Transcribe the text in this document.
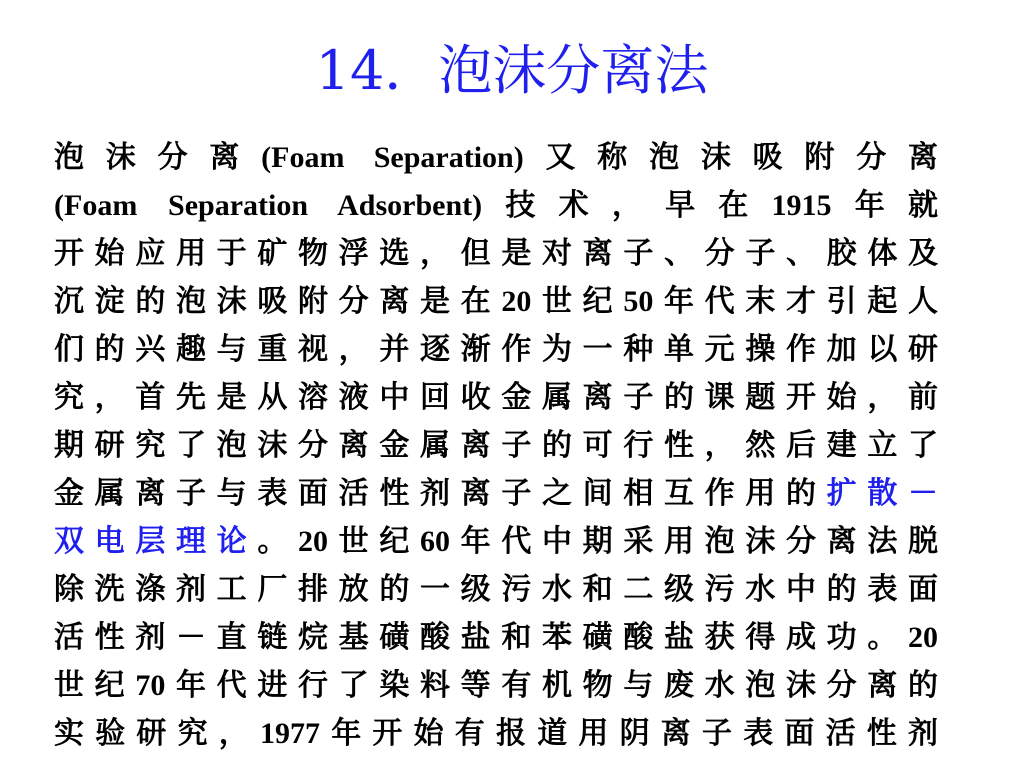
14．泡沫分离法
泡沫分离(Foam Separation)又称泡沫吸附分离
(Foam Separation Adsorbent)技术，早在1915年就
开始应用于矿物浮选，但是对离子、分子、胶体及
沉淀的泡沫吸附分离是在20世纪50年代末才引起人
们的兴趣与重视，并逐渐作为一种单元操作加以研
究，首先是从溶液中回收金属离子的课题开始，前
期研究了泡沫分离金属离子的可行性，然后建立了
金属离子与表面活性剂离子之间相互作用的扩散－
双电层理论。20世纪60年代中期采用泡沫分离法脱
除洗涤剂工厂排放的一级污水和二级污水中的表面
活性剂－直链烷基磺酸盐和苯磺酸盐获得成功。20
世纪70年代进行了染料等有机物与废水泡沫分离的
实验研究，1977年开始有报道用阴离子表面活性剂
